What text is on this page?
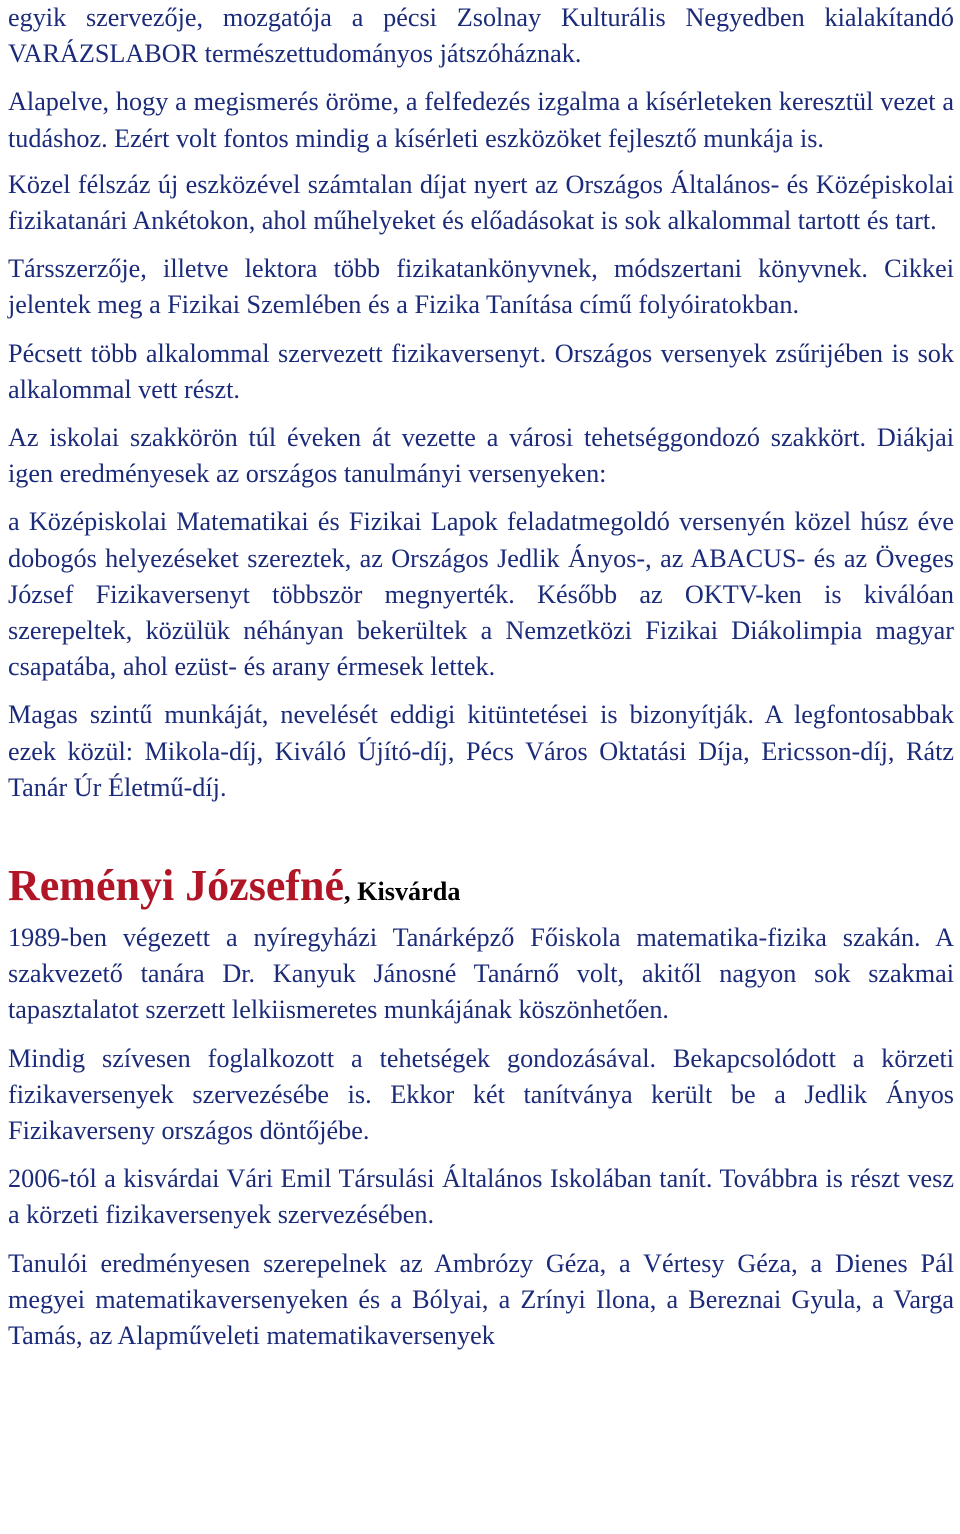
egyik szervezője, mozgatója a pécsi Zsolnay Kulturális Negyedben kialakítandó VARÁZSLABOR természettudományos játszóháznak.

Alapelve, hogy a megismerés öröme, a felfedezés izgalma a kísérleteken keresztül vezet a tudáshoz. Ezért volt fontos mindig a kísérleti eszközöket fejlesztő munkája is.

Közel félszáz új eszközével számtalan díjat nyert az Országos Általános- és Középiskolai fizikatanári Ankétokon, ahol műhelyeket és előadásokat is sok alkalommal tartott és tart.

Társszerzője, illetve lektora több fizikatankönyvnek, módszertani könyvnek. Cikkei jelentek meg a Fizikai Szemlében és a Fizika Tanítása című folyóiratokban.

Pécsett több alkalommal szervezett fizikaversenyt. Országos versenyek zsűrijében is sok alkalommal vett részt.

Az iskolai szakkörön túl éveken át vezette a városi tehetséggondozó szakkört. Diákjai igen eredményesek az országos tanulmányi versenyeken:

a Középiskolai Matematikai és Fizikai Lapok feladatmegoldó versenyén közel húsz éve dobogós helyezéseket szereztek, az Országos Jedlik Ányos-, az ABACUS- és az Öveges József Fizikaversenyt többször megnyerték. Később az OKTV-ken is kiválóan szerepeltek, közülük néhányan bekerültek a Nemzetközi Fizikai Diákolimpia magyar csapatába, ahol ezüst- és arany érmesek lettek.

Magas szintű munkáját, nevelését eddigi kitüntetései is bizonyítják. A legfontosabbak ezek közül: Mikola-díj, Kiváló Újító-díj, Pécs Város Oktatási Díja, Ericsson-díj, Rátz Tanár Úr Életmű-díj.

Reményi Józsefné, Kisvárda

1989-ben végezett a nyíregyházi Tanárképző Főiskola matematika-fizika szakán. A szakvezető tanára Dr. Kanyuk Jánosné Tanárnő volt, akitől nagyon sok szakmai tapasztalatot szerzett lelkiismeretes munkájának köszönhetően.

Mindig szívesen foglalkozott a tehetségek gondozásával. Bekapcsolódott a körzeti fizikaversenyek szervezésébe is. Ekkor két tanítványa került be a Jedlik Ányos Fizikaverseny országos döntőjébe.

2006-tól a kisvárdai Vári Emil Társulási Általános Iskolában tanít. Továbbra is részt vesz a körzeti fizikaversenyek szervezésében.

Tanulói eredményesen szerepelnek az Ambrózy Géza, a Vértesy Géza, a Dienes Pál megyei matematikaversenyeken és a Bólyai, a Zrínyi Ilona, a Bereznai Gyula, a Varga Tamás, az Alapműveleti matematikaversenyek
